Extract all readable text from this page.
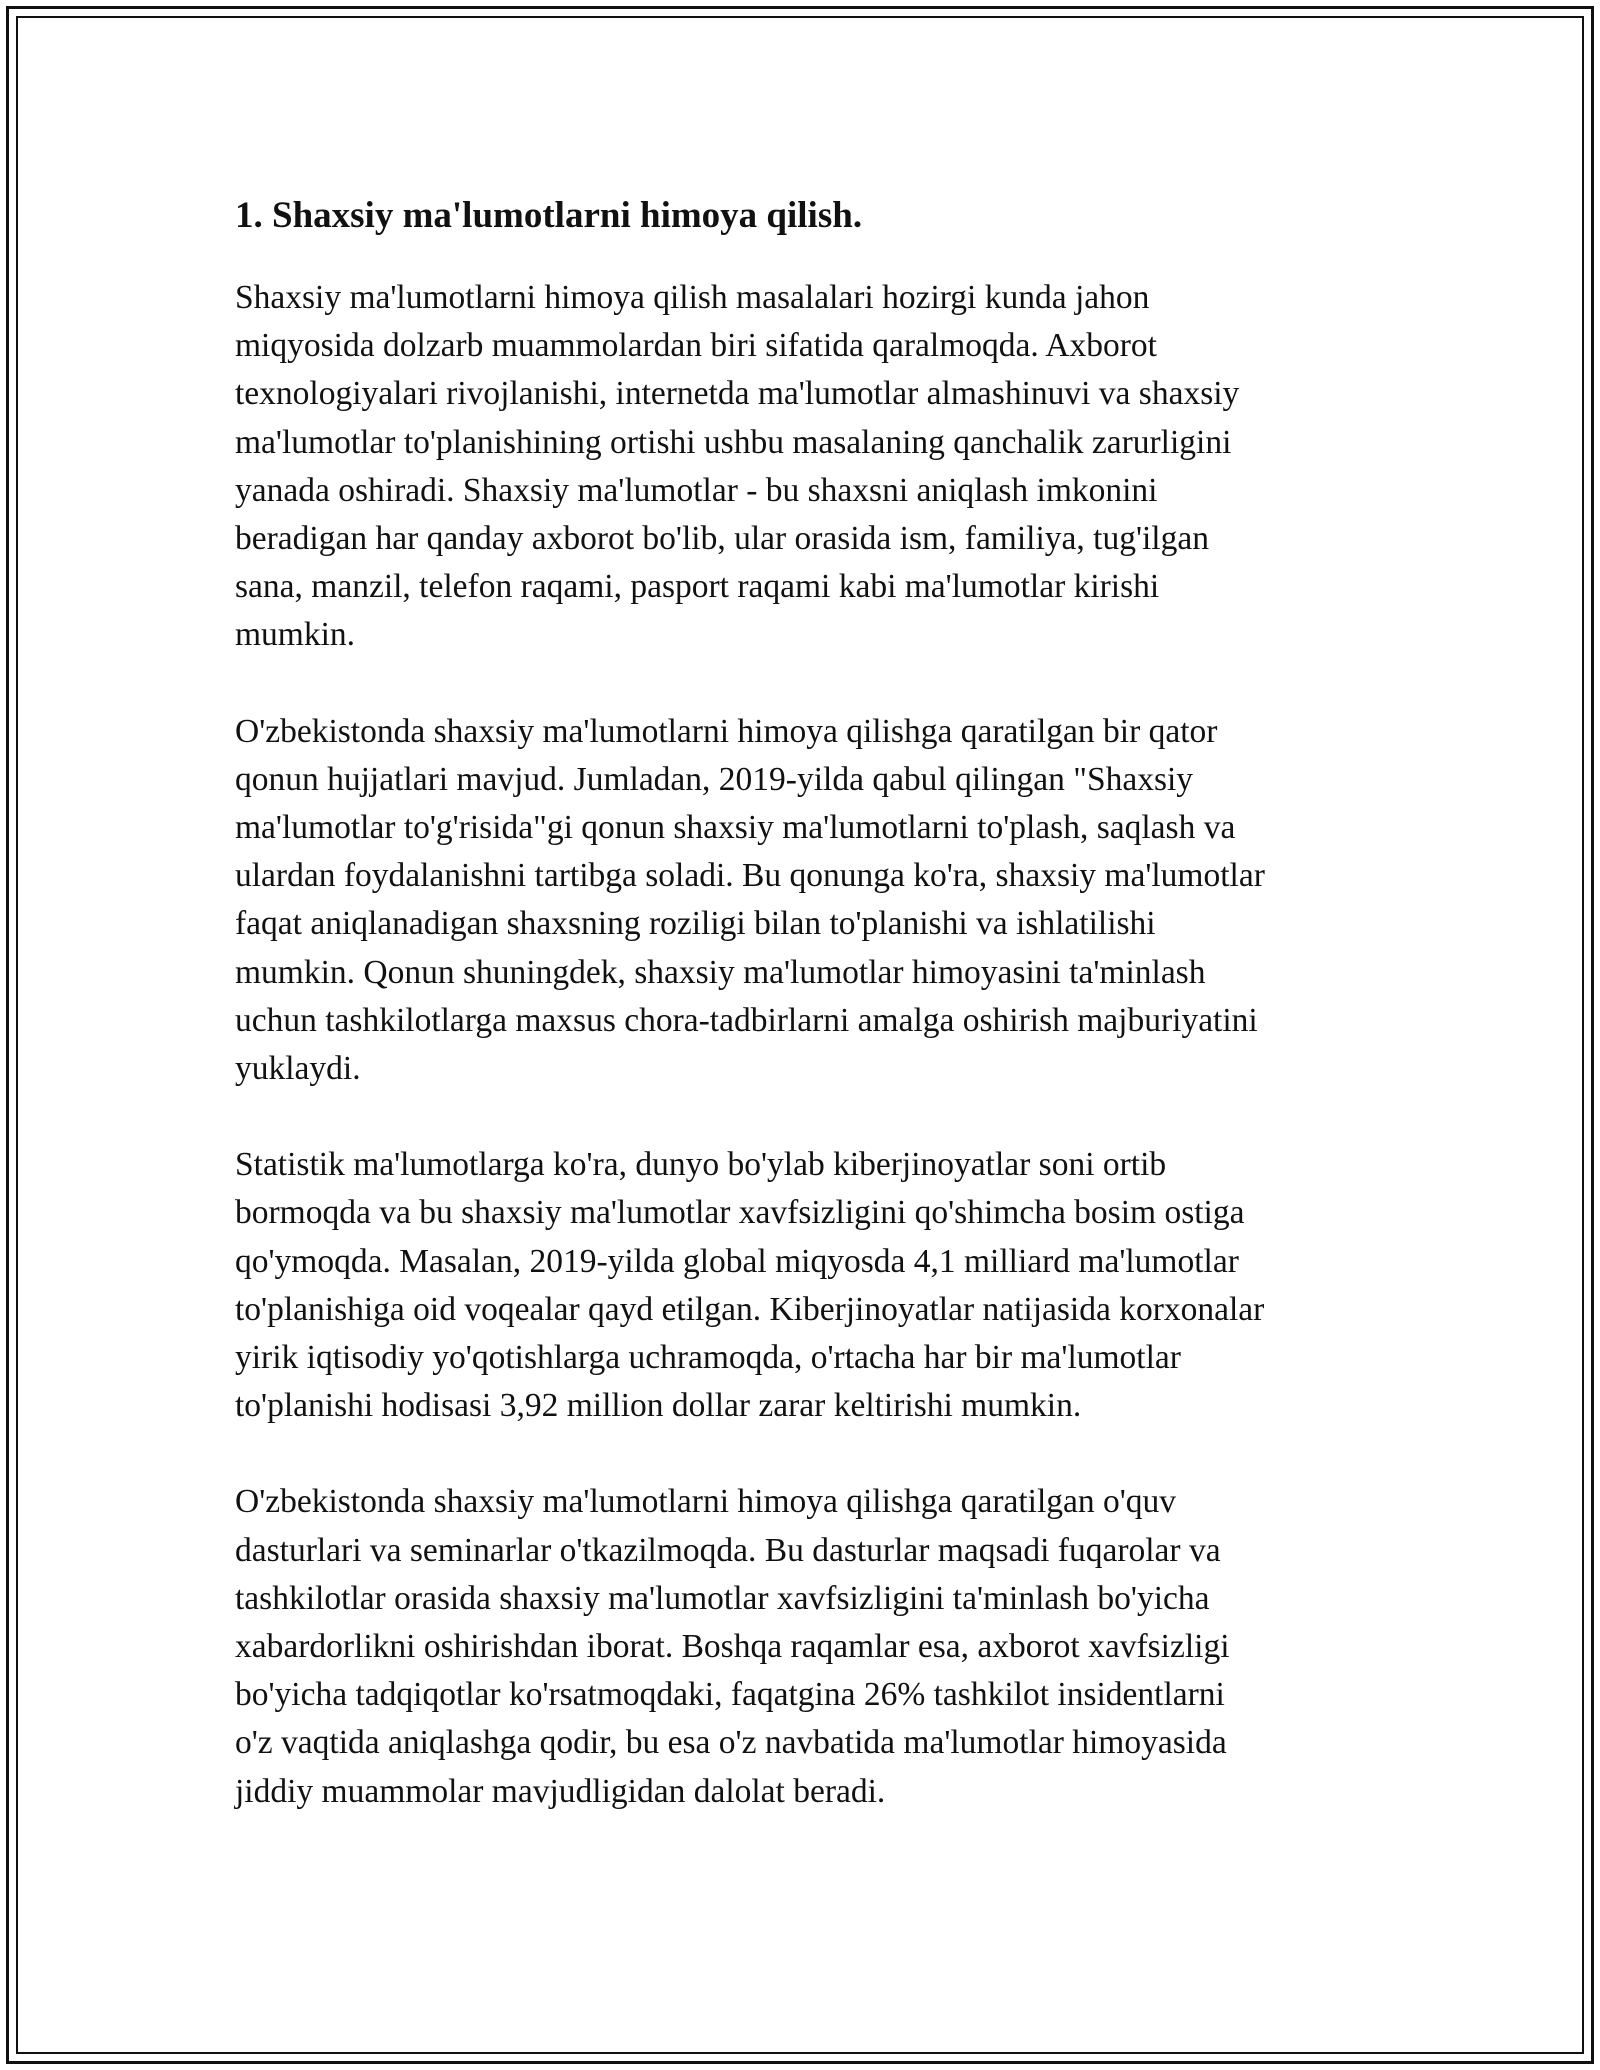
1. Shaxsiy ma'lumotlarni himoya qilish.

Shaxsiy ma'lumotlarni himoya qilish masalalari hozirgi kunda jahon
miqyosida dolzarb muammolardan biri sifatida qaralmoqda. Axborot
texnologiyalari rivojlanishi, internetda ma'lumotlar almashinuvi va shaxsiy
ma'lumotlar to'planishining ortishi ushbu masalaning qanchalik zarurligini
yanada oshiradi. Shaxsiy ma'lumotlar - bu shaxsni aniqlash imkonini
beradigan har qanday axborot bo'lib, ular orasida ism, familiya, tug'ilgan
sana, manzil, telefon raqami, pasport raqami kabi ma'lumotlar kirishi
mumkin.

O'zbekistonda shaxsiy ma'lumotlarni himoya qilishga qaratilgan bir qator
qonun hujjatlari mavjud. Jumladan, 2019-yilda qabul qilingan "Shaxsiy
ma'lumotlar to'g'risida"gi qonun shaxsiy ma'lumotlarni to'plash, saqlash va
ulardan foydalanishni tartibga soladi. Bu qonunga ko'ra, shaxsiy ma'lumotlar
faqat aniqlanadigan shaxsning roziligi bilan to'planishi va ishlatilishi
mumkin. Qonun shuningdek, shaxsiy ma'lumotlar himoyasini ta'minlash
uchun tashkilotlarga maxsus chora-tadbirlarni amalga oshirish majburiyatini
yuklaydi.

Statistik ma'lumotlarga ko'ra, dunyo bo'ylab kiberjinoyatlar soni ortib
bormoqda va bu shaxsiy ma'lumotlar xavfsizligini qo'shimcha bosim ostiga
qo'ymoqda. Masalan, 2019-yilda global miqyosda 4,1 milliard ma'lumotlar
to'planishiga oid voqealar qayd etilgan. Kiberjinoyatlar natijasida korxonalar
yirik iqtisodiy yo'qotishlarga uchramoqda, o'rtacha har bir ma'lumotlar
to'planishi hodisasi 3,92 million dollar zarar keltirishi mumkin.

O'zbekistonda shaxsiy ma'lumotlarni himoya qilishga qaratilgan o'quv
dasturlari va seminarlar o'tkazilmoqda. Bu dasturlar maqsadi fuqarolar va
tashkilotlar orasida shaxsiy ma'lumotlar xavfsizligini ta'minlash bo'yicha
xabardorlikni oshirishdan iborat. Boshqa raqamlar esa, axborot xavfsizligi
bo'yicha tadqiqotlar ko'rsatmoqdaki, faqatgina 26% tashkilot insidentlarni
o'z vaqtida aniqlashga qodir, bu esa o'z navbatida ma'lumotlar himoyasida
jiddiy muammolar mavjudligidan dalolat beradi.
